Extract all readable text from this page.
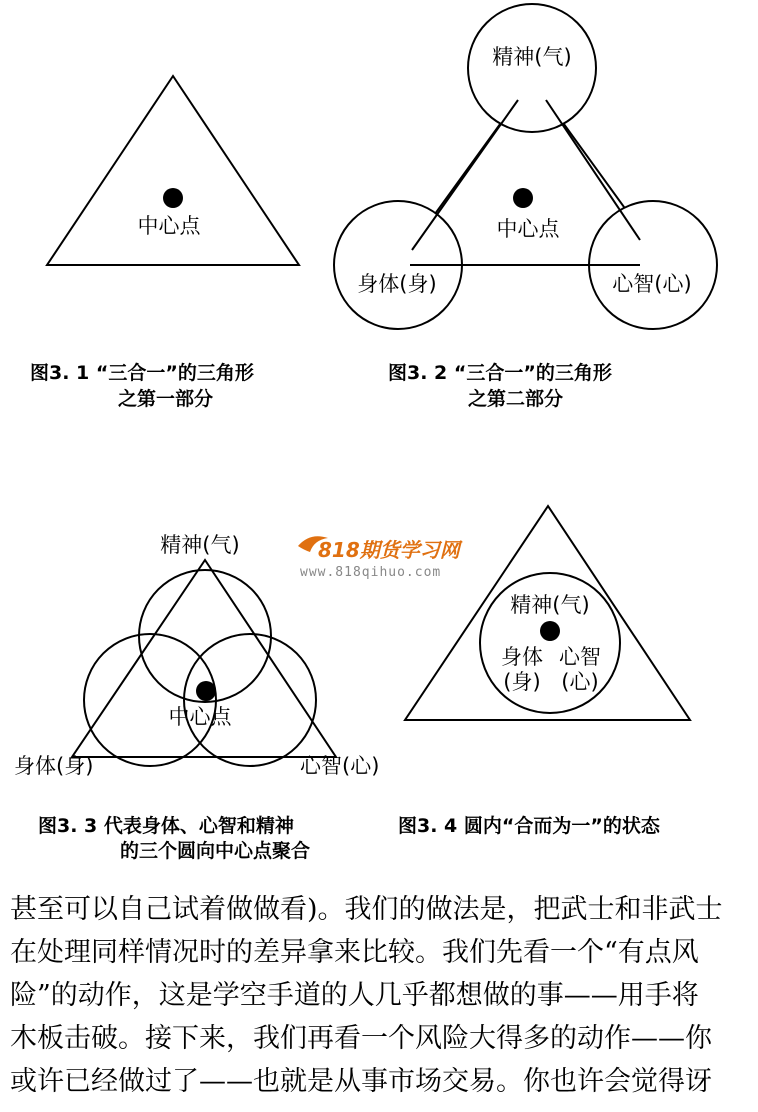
中心点
图3. 1 “三合一”的三角形
之第一部分
精神(气)
中心点
身体(身)	心智(心)
图3. 2 “三合一”的三角形
之第二部分
818期货学习网
www.818qihuo.com
精神(气)
中心点
身体(身)	心智(心)
图3. 3 代表身体、心智和精神
的三个圆向中心点聚合
精神(气)
身体
(身)
心智
(心)
图3. 4 圆内“合而为一”的状态

甚至可以自己试着做做看)。我们的做法是，把武士和非武士

在处理同样情况时的差异拿来比较。我们先看一个“有点风

险”的动作，这是学空手道的人几乎都想做的事——用手将

木板击破。接下来，我们再看一个风险大得多的动作——你

或许已经做过了——也就是从事市场交易。你也许会觉得讶
